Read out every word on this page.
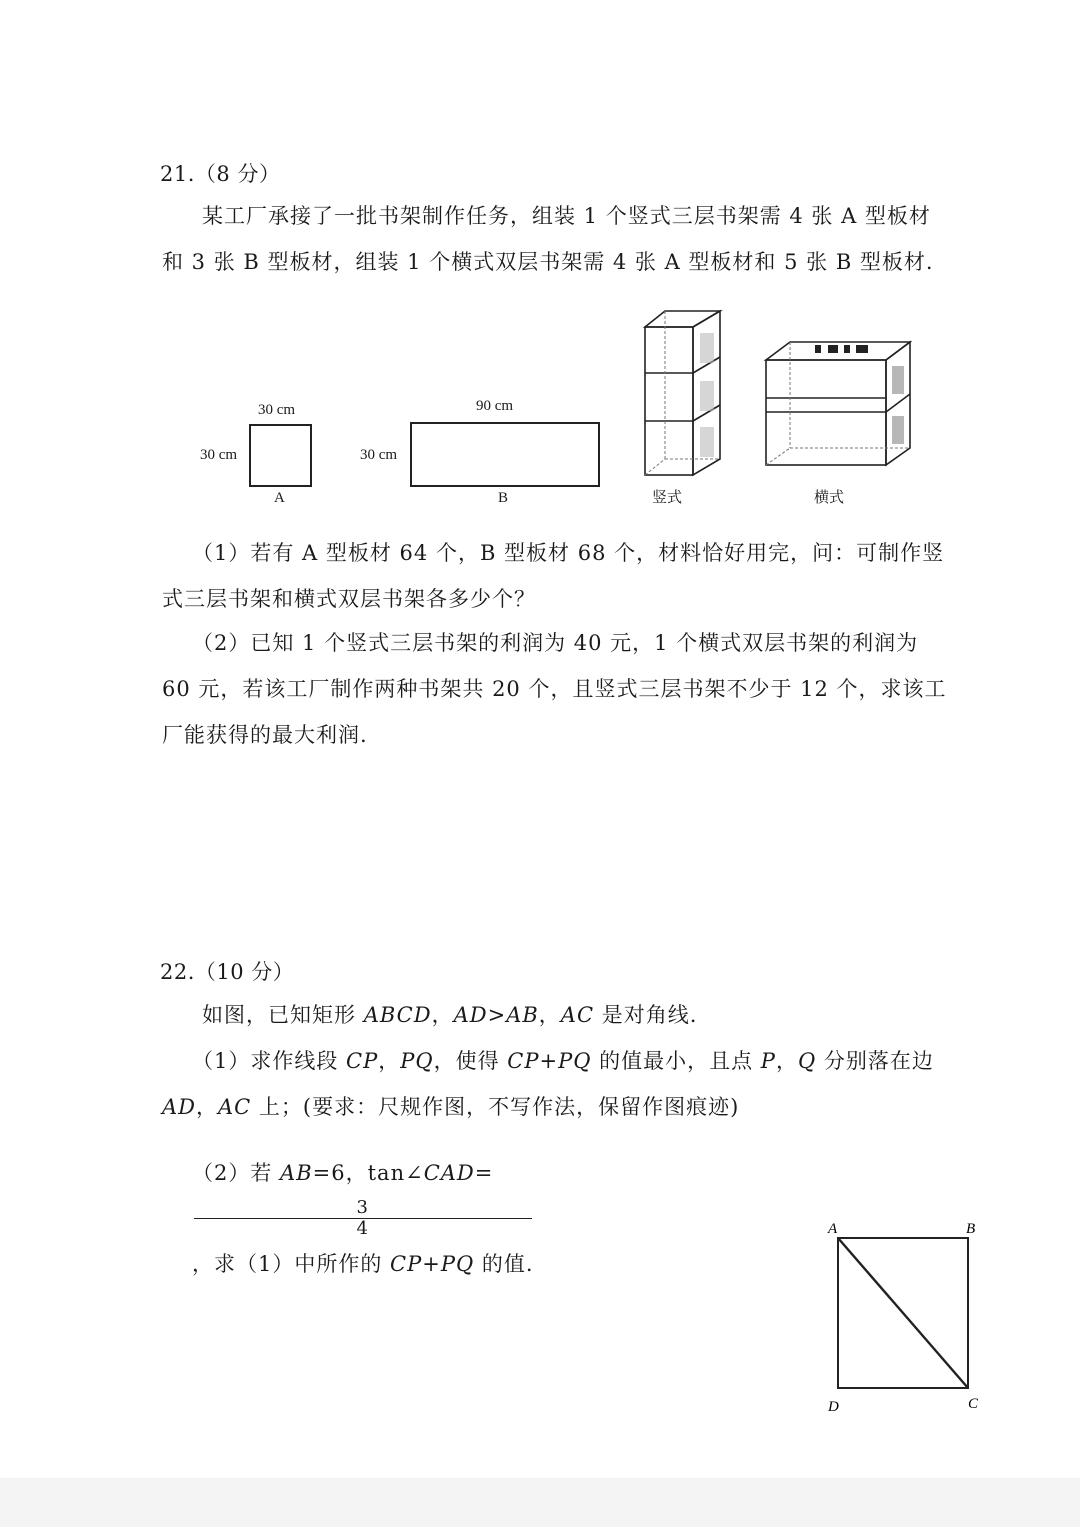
21.（8 分）
某工厂承接了一批书架制作任务，组装 1 个竖式三层书架需 4 张 A 型板材
和 3 张 B 型板材，组装 1 个横式双层书架需 4 张 A 型板材和 5 张 B 型板材.
30 cm
30 cm
A
90 cm
30 cm
B	竖式	横式
（1）若有 A 型板材 64 个，B 型板材 68 个，材料恰好用完，问：可制作竖
式三层书架和横式双层书架各多少个？
（2）已知 1 个竖式三层书架的利润为 40 元，1 个横式双层书架的利润为
60 元，若该工厂制作两种书架共 20 个，且竖式三层书架不少于 12 个，求该工
厂能获得的最大利润.
22.（10 分）
如图，已知矩形 ABCD，AD>AB，AC 是对角线.
（1）求作线段 CP，PQ，使得 CP+PQ 的值最小，且点 P，Q 分别落在边
AD，AC 上；(要求：尺规作图，不写作法，保留作图痕迹)
（2）若 AB=6，tan∠CAD=
3
4
，求（1）中所作的 CP+PQ 的值.
A	B
C
D
